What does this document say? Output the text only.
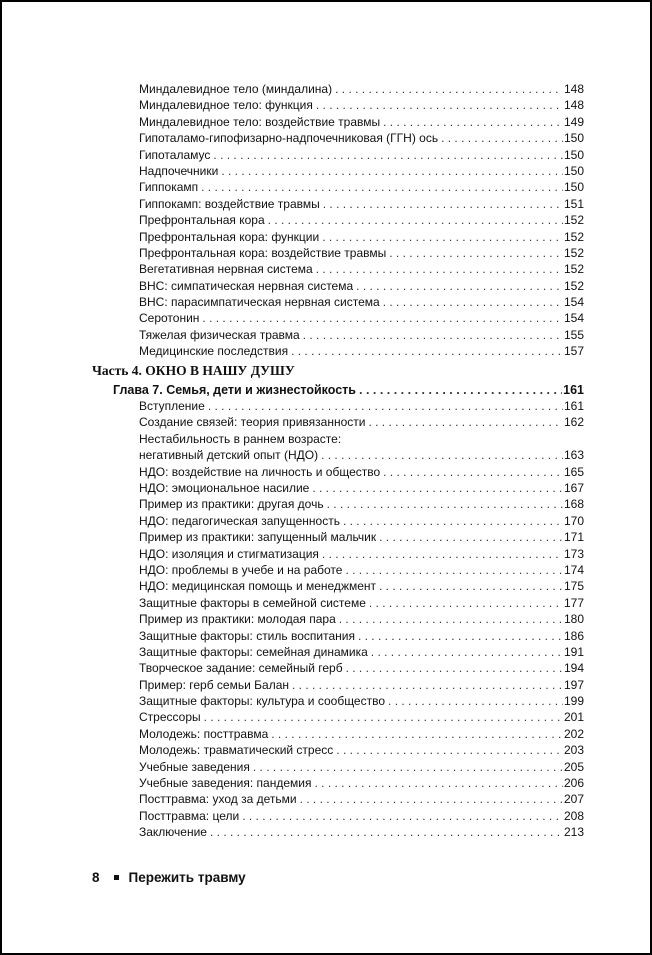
Миндалевидное тело (миндалина) . . .	148
Миндалевидное тело: функция . . .	148
Миндалевидное тело: воздействие травмы . . .	149
Гипоталамо-гипофизарно-надпочечниковая (ГГН) ось . . .	150
Гипоталамус . . .	150
Надпочечники . . .	150
Гиппокамп . . .	150
Гиппокамп: воздействие травмы . . .	151
Префронтальная кора . . .	152
Префронтальная кора: функции . . .	152
Префронтальная кора: воздействие травмы . . .	152
Вегетативная нервная система . . .	152
ВНС: симпатическая нервная система . . .	152
ВНС: парасимпатическая нервная система . . .	154
Серотонин . . .	154
Тяжелая физическая травма . . .	155
Медицинские последствия . . .	157
Часть 4. ОКНО В НАШУ ДУШУ
Глава 7. Семья, дети и жизнестойкость . . .	161
Вступление . . .	161
Создание связей: теория привязанности . . .	162
Нестабильность в раннем возрасте:
негативный детский опыт (НДО) . . .	163
НДО: воздействие на личность и общество . . .	165
НДО: эмоциональное насилие . . .	167
Пример из практики: другая дочь . . .	168
НДО: педагогическая запущенность . . .	170
Пример из практики: запущенный мальчик . . .	171
НДО: изоляция и стигматизация . . .	173
НДО: проблемы в учебе и на работе . . .	174
НДО: медицинская помощь и менеджмент . . .	175
Защитные факторы в семейной системе . . .	177
Пример из практики: молодая пара . . .	180
Защитные факторы: стиль воспитания . . .	186
Защитные факторы: семейная динамика . . .	191
Творческое задание: семейный герб . . .	194
Пример: герб семьи Балан . . .	197
Защитные факторы: культура и сообщество . . .	199
Стрессоры . . .	201
Молодежь: посттравма . . .	202
Молодежь: травматический стресс . . .	203
Учебные заведения . . .	205
Учебные заведения: пандемия . . .	206
Посттравма: уход за детьми . . .	207
Посттравма: цели . . .	208
Заключение . . .	213
8 Пережить травму
